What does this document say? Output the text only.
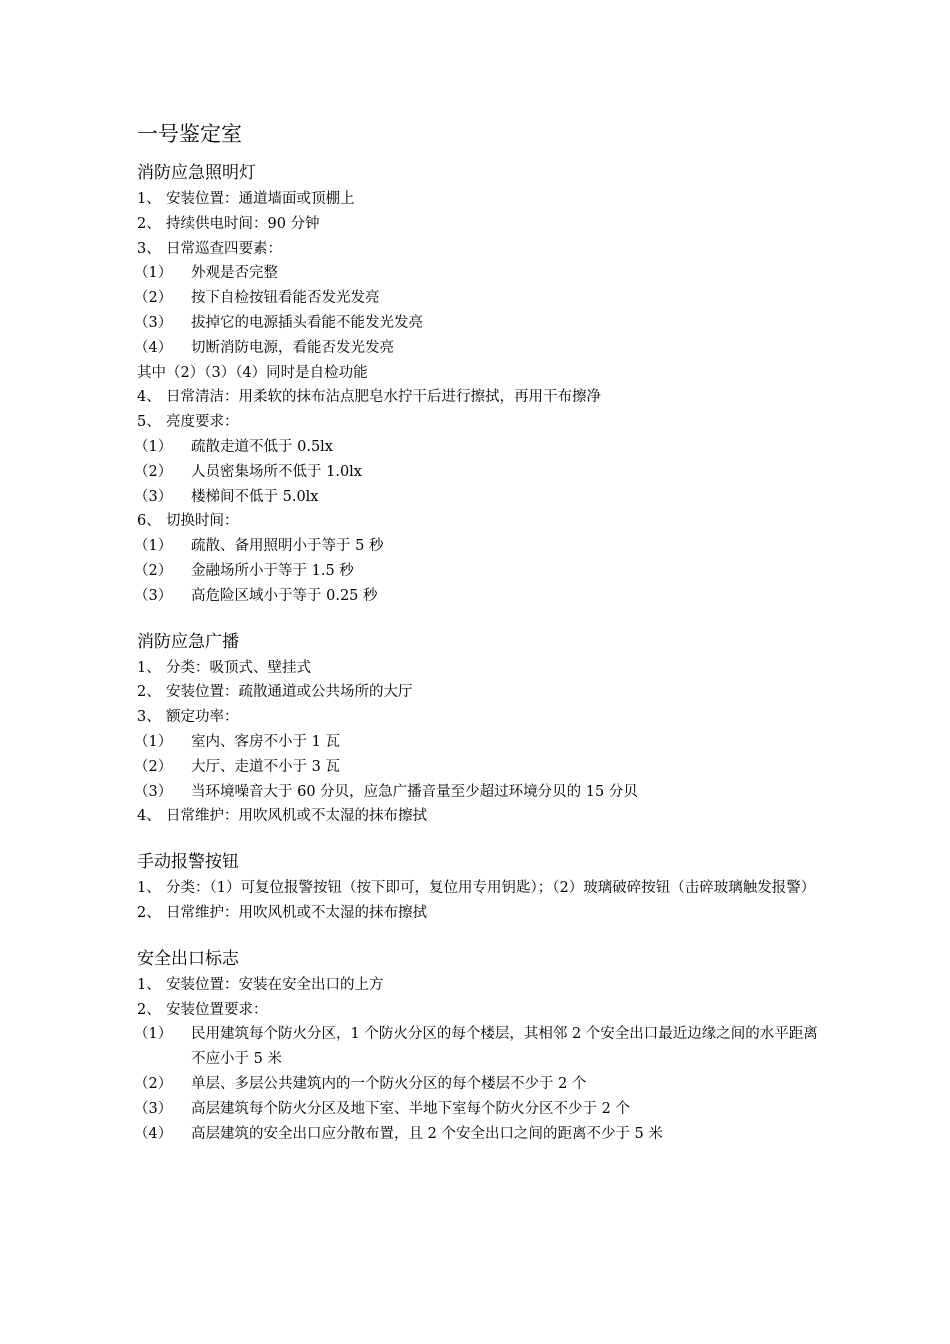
一号鉴定室
消防应急照明灯
1、 安装位置：通道墙面或顶棚上
2、 持续供电时间：90 分钟
3、 日常巡查四要素：
（1）	外观是否完整
（2）	按下自检按钮看能否发光发亮
（3）	拔掉它的电源插头看能不能发光发亮
（4）	切断消防电源，看能否发光发亮

其中（2）（3）（4）同时是自检功能

4、 日常清洁：用柔软的抹布沾点肥皂水拧干后进行擦拭，再用干布擦净
5、 亮度要求：
（1）	疏散走道不低于 0.5lx
（2）	人员密集场所不低于 1.0lx
（3）	楼梯间不低于 5.0lx
6、 切换时间：
（1）	疏散、备用照明小于等于 5 秒
（2）	金融场所小于等于 1.5 秒
（3）	高危险区域小于等于 0.25 秒
消防应急广播
1、 分类：吸顶式、壁挂式
2、 安装位置：疏散通道或公共场所的大厅
3、 额定功率：
（1）	室内、客房不小于 1 瓦
（2）	大厅、走道不小于 3 瓦
（3）	当环境噪音大于 60 分贝，应急广播音量至少超过环境分贝的 15 分贝
4、 日常维护：用吹风机或不太湿的抹布擦拭
手动报警按钮
1、 分类：（1）可复位报警按钮（按下即可，复位用专用钥匙）；（2）玻璃破碎按钮（击碎玻璃触发报警）
2、 日常维护：用吹风机或不太湿的抹布擦拭
安全出口标志
1、 安装位置：安装在安全出口的上方
2、 安装位置要求：
（1）	民用建筑每个防火分区，1 个防火分区的每个楼层，其相邻 2 个安全出口最近边缘之间的水平距离不应小于 5 米
（2）	单层、多层公共建筑内的一个防火分区的每个楼层不少于 2 个
（3）	高层建筑每个防火分区及地下室、半地下室每个防火分区不少于 2 个
（4）	高层建筑的安全出口应分散布置，且 2 个安全出口之间的距离不少于 5 米
